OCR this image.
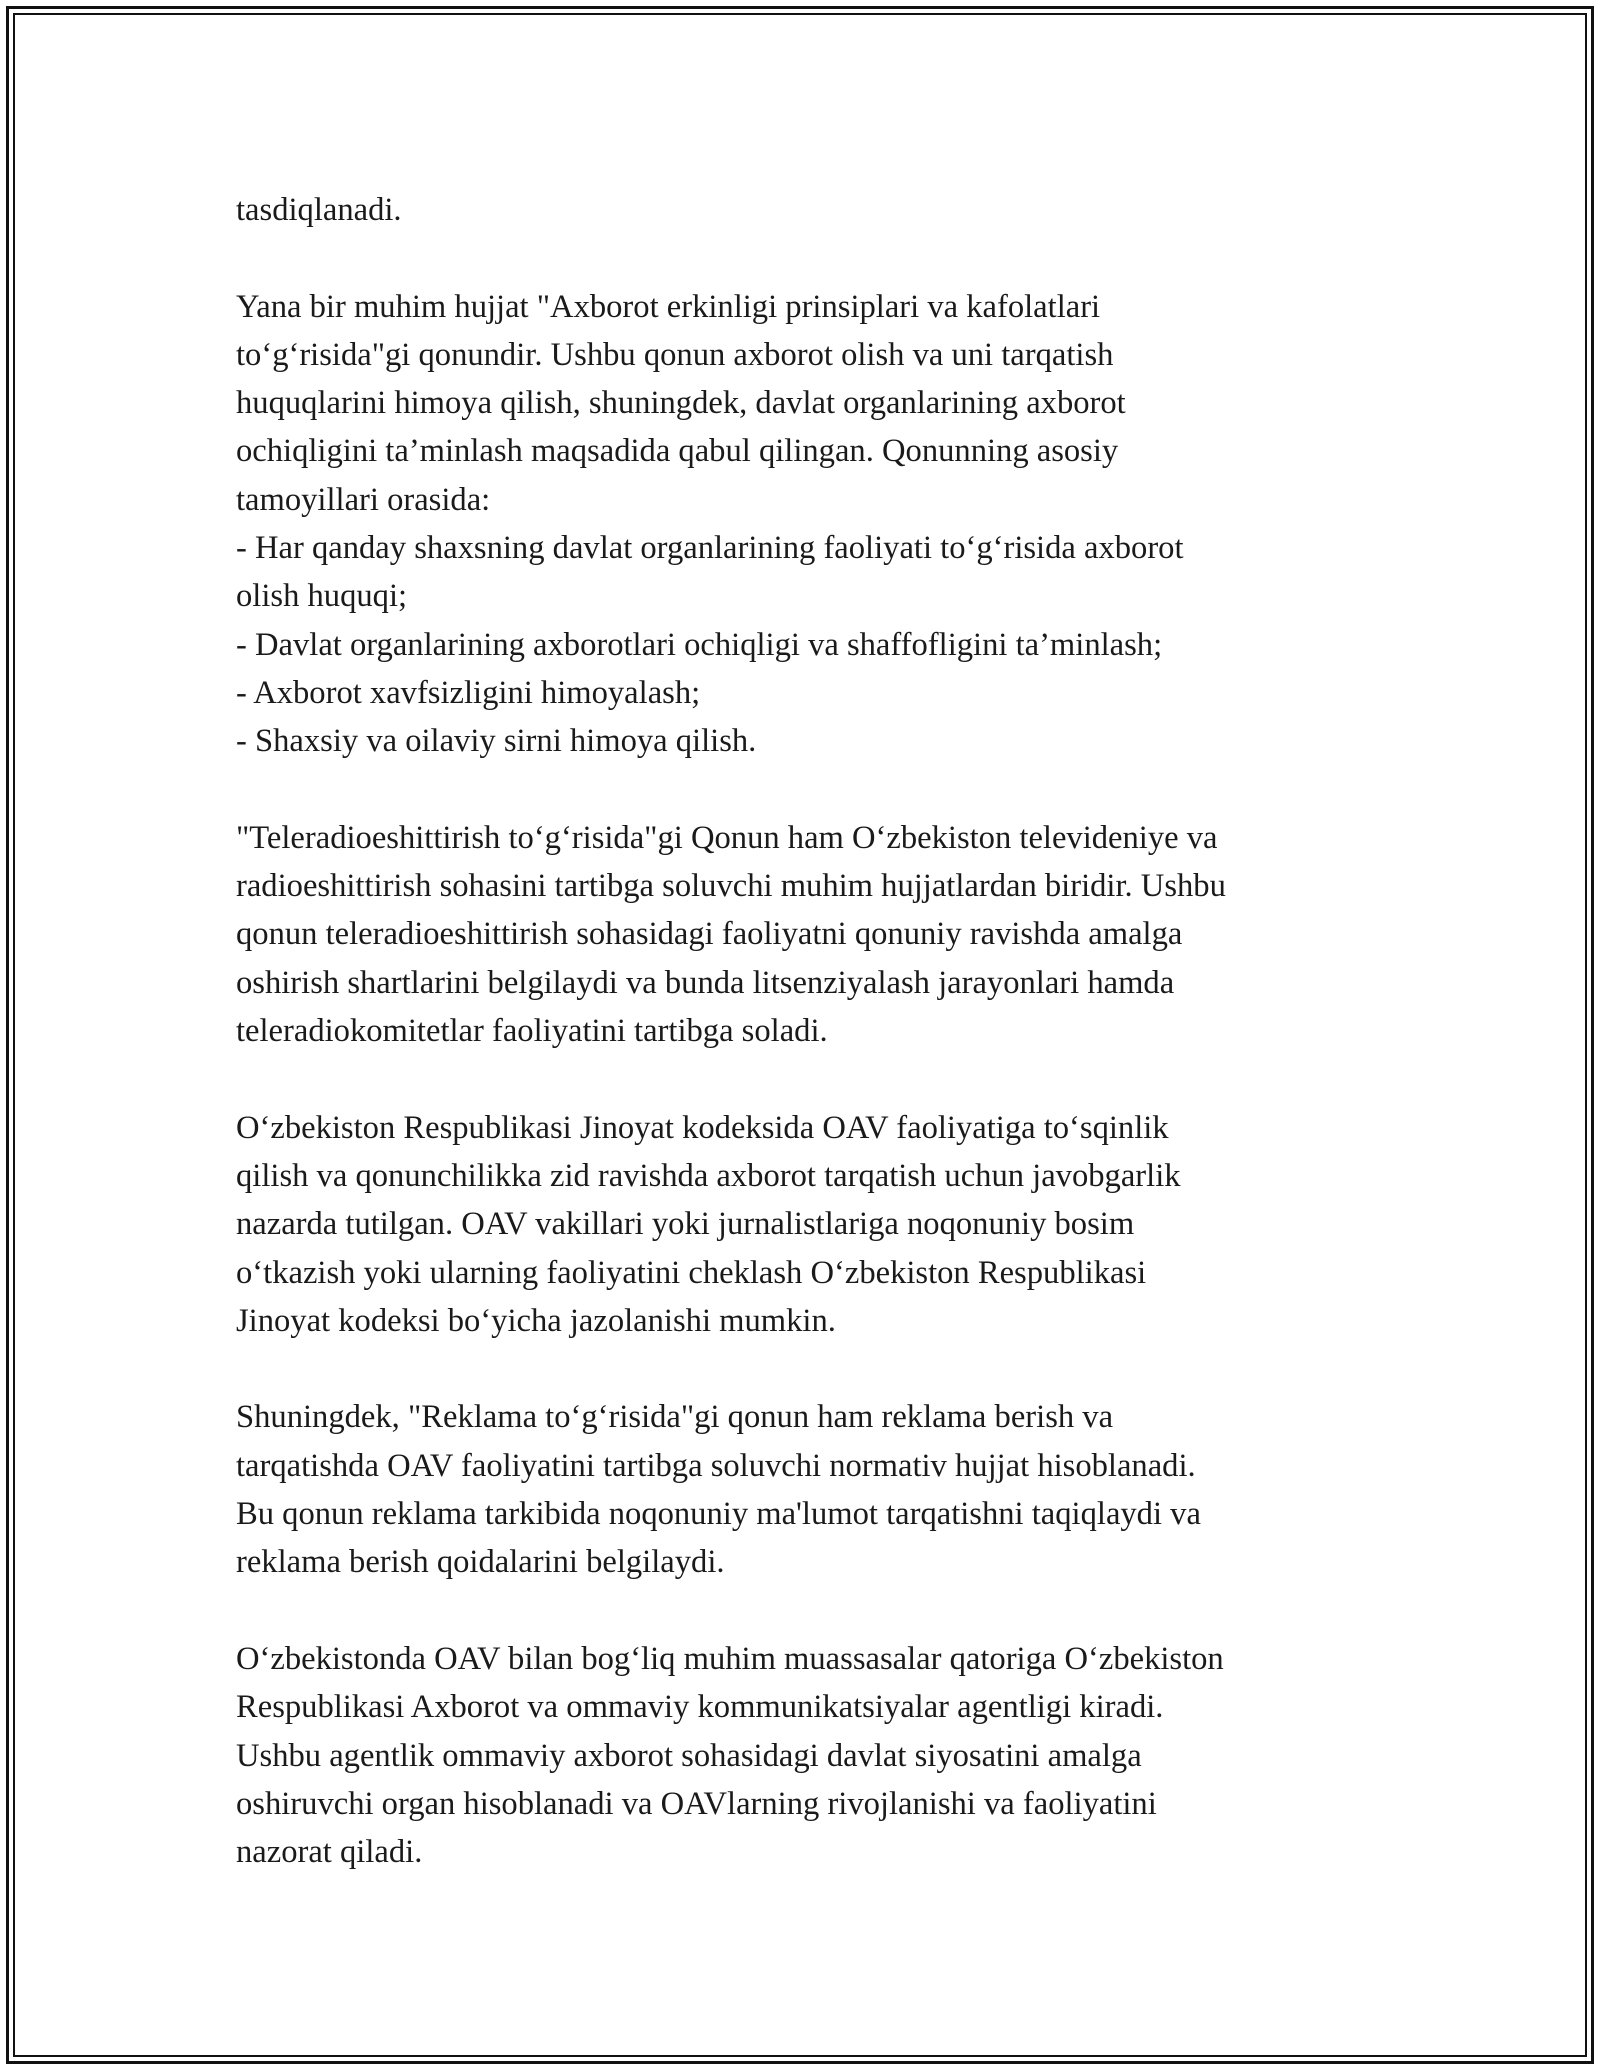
tasdiqlanadi.

Yana bir muhim hujjat "Axborot erkinligi prinsiplari va kafolatlari
to‘g‘risida"gi qonundir. Ushbu qonun axborot olish va uni tarqatish
huquqlarini himoya qilish, shuningdek, davlat organlarining axborot
ochiqligini ta’minlash maqsadida qabul qilingan. Qonunning asosiy
tamoyillari orasida:
- Har qanday shaxsning davlat organlarining faoliyati to‘g‘risida axborot
olish huquqi;
- Davlat organlarining axborotlari ochiqligi va shaffofligini ta’minlash;
- Axborot xavfsizligini himoyalash;
- Shaxsiy va oilaviy sirni himoya qilish.

"Teleradioeshittirish to‘g‘risida"gi Qonun ham O‘zbekiston televideniye va
radioeshittirish sohasini tartibga soluvchi muhim hujjatlardan biridir. Ushbu
qonun teleradioeshittirish sohasidagi faoliyatni qonuniy ravishda amalga
oshirish shartlarini belgilaydi va bunda litsenziyalash jarayonlari hamda
teleradiokomitetlar faoliyatini tartibga soladi.

O‘zbekiston Respublikasi Jinoyat kodeksida OAV faoliyatiga to‘sqinlik
qilish va qonunchilikka zid ravishda axborot tarqatish uchun javobgarlik
nazarda tutilgan. OAV vakillari yoki jurnalistlariga noqonuniy bosim
o‘tkazish yoki ularning faoliyatini cheklash O‘zbekiston Respublikasi
Jinoyat kodeksi bo‘yicha jazolanishi mumkin.

Shuningdek, "Reklama to‘g‘risida"gi qonun ham reklama berish va
tarqatishda OAV faoliyatini tartibga soluvchi normativ hujjat hisoblanadi.
Bu qonun reklama tarkibida noqonuniy ma'lumot tarqatishni taqiqlaydi va
reklama berish qoidalarini belgilaydi.

O‘zbekistonda OAV bilan bog‘liq muhim muassasalar qatoriga O‘zbekiston
Respublikasi Axborot va ommaviy kommunikatsiyalar agentligi kiradi.
Ushbu agentlik ommaviy axborot sohasidagi davlat siyosatini amalga
oshiruvchi organ hisoblanadi va OAVlarning rivojlanishi va faoliyatini
nazorat qiladi.
